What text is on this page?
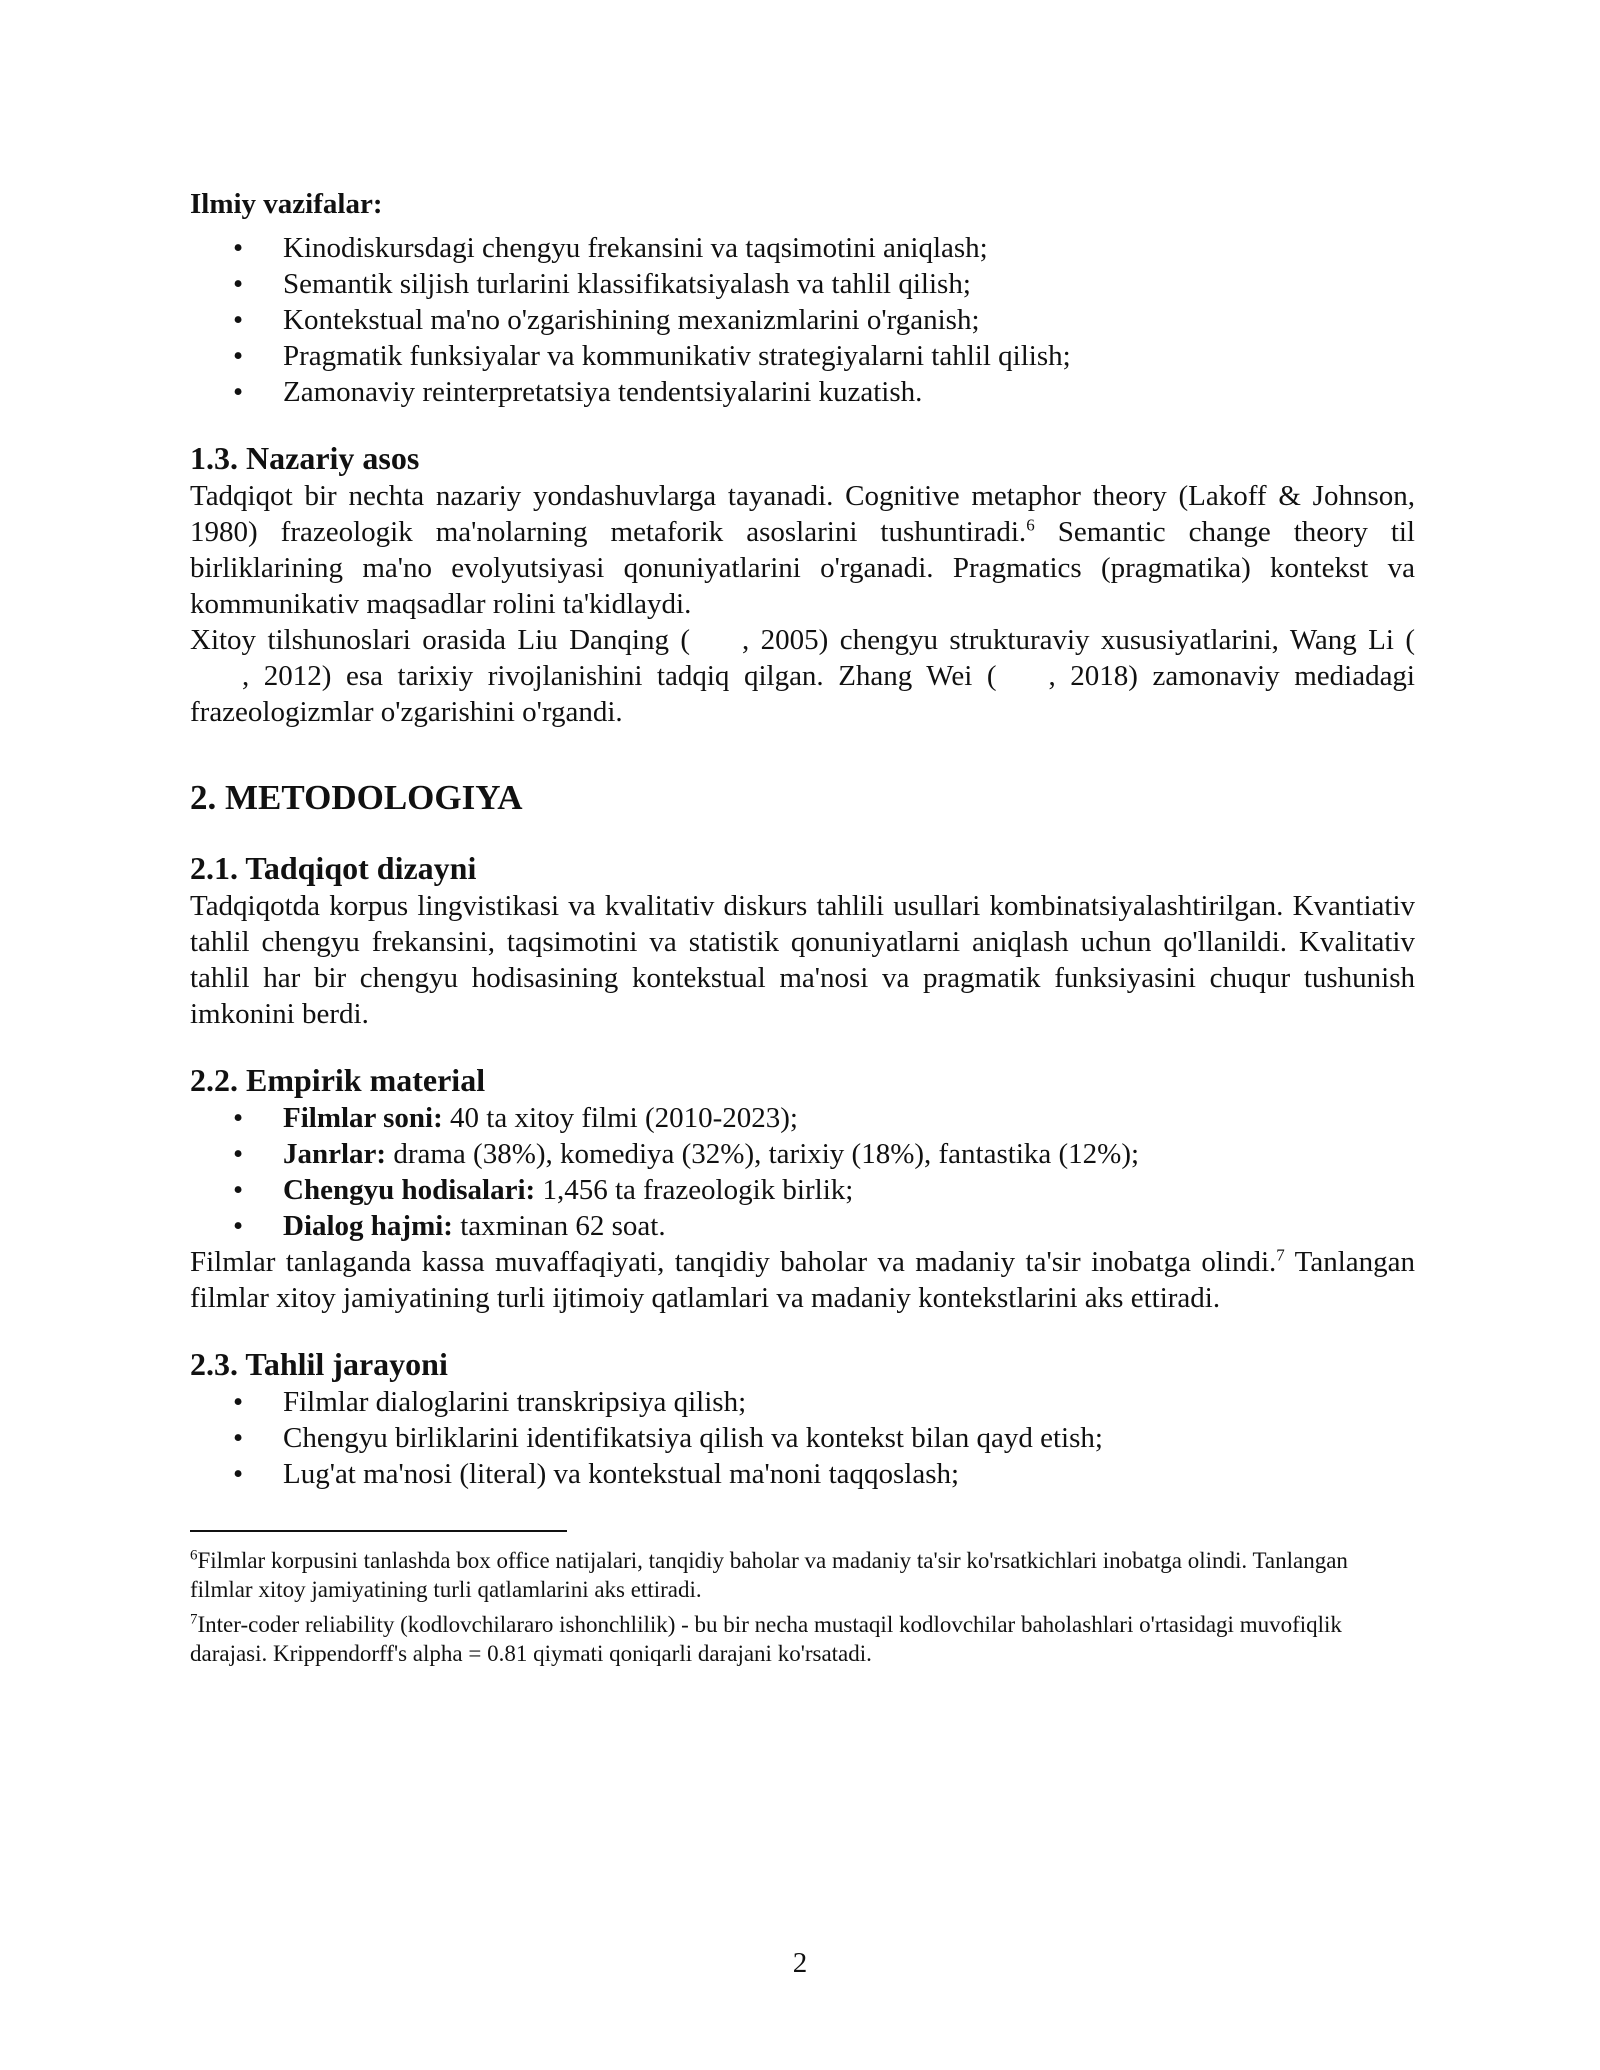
Ilmiy vazifalar:
• Kinodiskursdagi chengyu frekansini va taqsimotini aniqlash;
• Semantik siljish turlarini klassifikatsiyalash va tahlil qilish;
• Kontekstual ma'no o'zgarishining mexanizmlarini o'rganish;
• Pragmatik funksiyalar va kommunikativ strategiyalarni tahlil qilish;
• Zamonaviy reinterpretatsiya tendentsiyalarini kuzatish.
1.3. Nazariy asos

Tadqiqot bir nechta nazariy yondashuvlarga tayanadi. Cognitive metaphor theory (Lakoff & Johnson, 1980) frazeologik ma'nolarning metaforik asoslarini tushuntiradi.$^6$ Semantic change theory til birliklarining ma'no evolyutsiyasi qonuniyatlarini o'rganadi. Pragmatics (pragmatika) kontekst va kommunikativ maqsadlar rolini ta'kidlaydi.

Xitoy tilshunoslari orasida Liu Danqing ( , 2005) chengyu strukturaviy xususiyatlarini, Wang Li (, 2012) esa tarixiy rivojlanishini tadqiq qilgan. Zhang Wei ( , 2018) zamonaviy mediadagi frazeologizmlar o'zgarishini o'rgandi.

2. METODOLOGIYA
2.1. Tadqiqot dizayni

Tadqiqotda korpus lingvistikasi va kvalitativ diskurs tahlili usullari kombinatsiyalashtirilgan. Kvantiativ tahlil chengyu frekansini, taqsimotini va statistik qonuniyatlarni aniqlash uchun qo'llanildi. Kvalitativ tahlil har bir chengyu hodisasining kontekstual ma'nosi va pragmatik funksiyasini chuqur tushunish imkonini berdi.

2.2. Empirik material
• Filmlar soni: 40 ta xitoy filmi (2010-2023);
• Janrlar: drama (38%), komediya (32%), tarixiy (18%), fantastika (12%);
• Chengyu hodisalari: 1,456 ta frazeologik birlik;
• Dialog hajmi: taxminan 62 soat.

Filmlar tanlaganda kassa muvaffaqiyati, tanqidiy baholar va madaniy ta'sir inobatga olindi.$^7$ Tanlangan filmlar xitoy jamiyatining turli ijtimoiy qatlamlari va madaniy kontekstlarini aks ettiradi.

2.3. Tahlil jarayoni
• Filmlar dialoglarini transkripsiya qilish;
• Chengyu birliklarini identifikatsiya qilish va kontekst bilan qayd etish;
• Lug'at ma'nosi (literal) va kontekstual ma'noni taqqoslash;
$^6$Filmlar korpusini tanlashda box office natijalari, tanqidiy baholar va madaniy ta'sir ko'rsatkichlari inobatga olindi. Tanlangan filmlar xitoy jamiyatining turli qatlamlarini aks ettiradi.
$^7$Inter-coder reliability (kodlovchilararo ishonchlilik) - bu bir necha mustaqil kodlovchilar baholashlari o'rtasidagi muvofiqlik darajasi. Krippendorff's alpha = 0.81 qiymati qoniqarli darajani ko'rsatadi.
2
